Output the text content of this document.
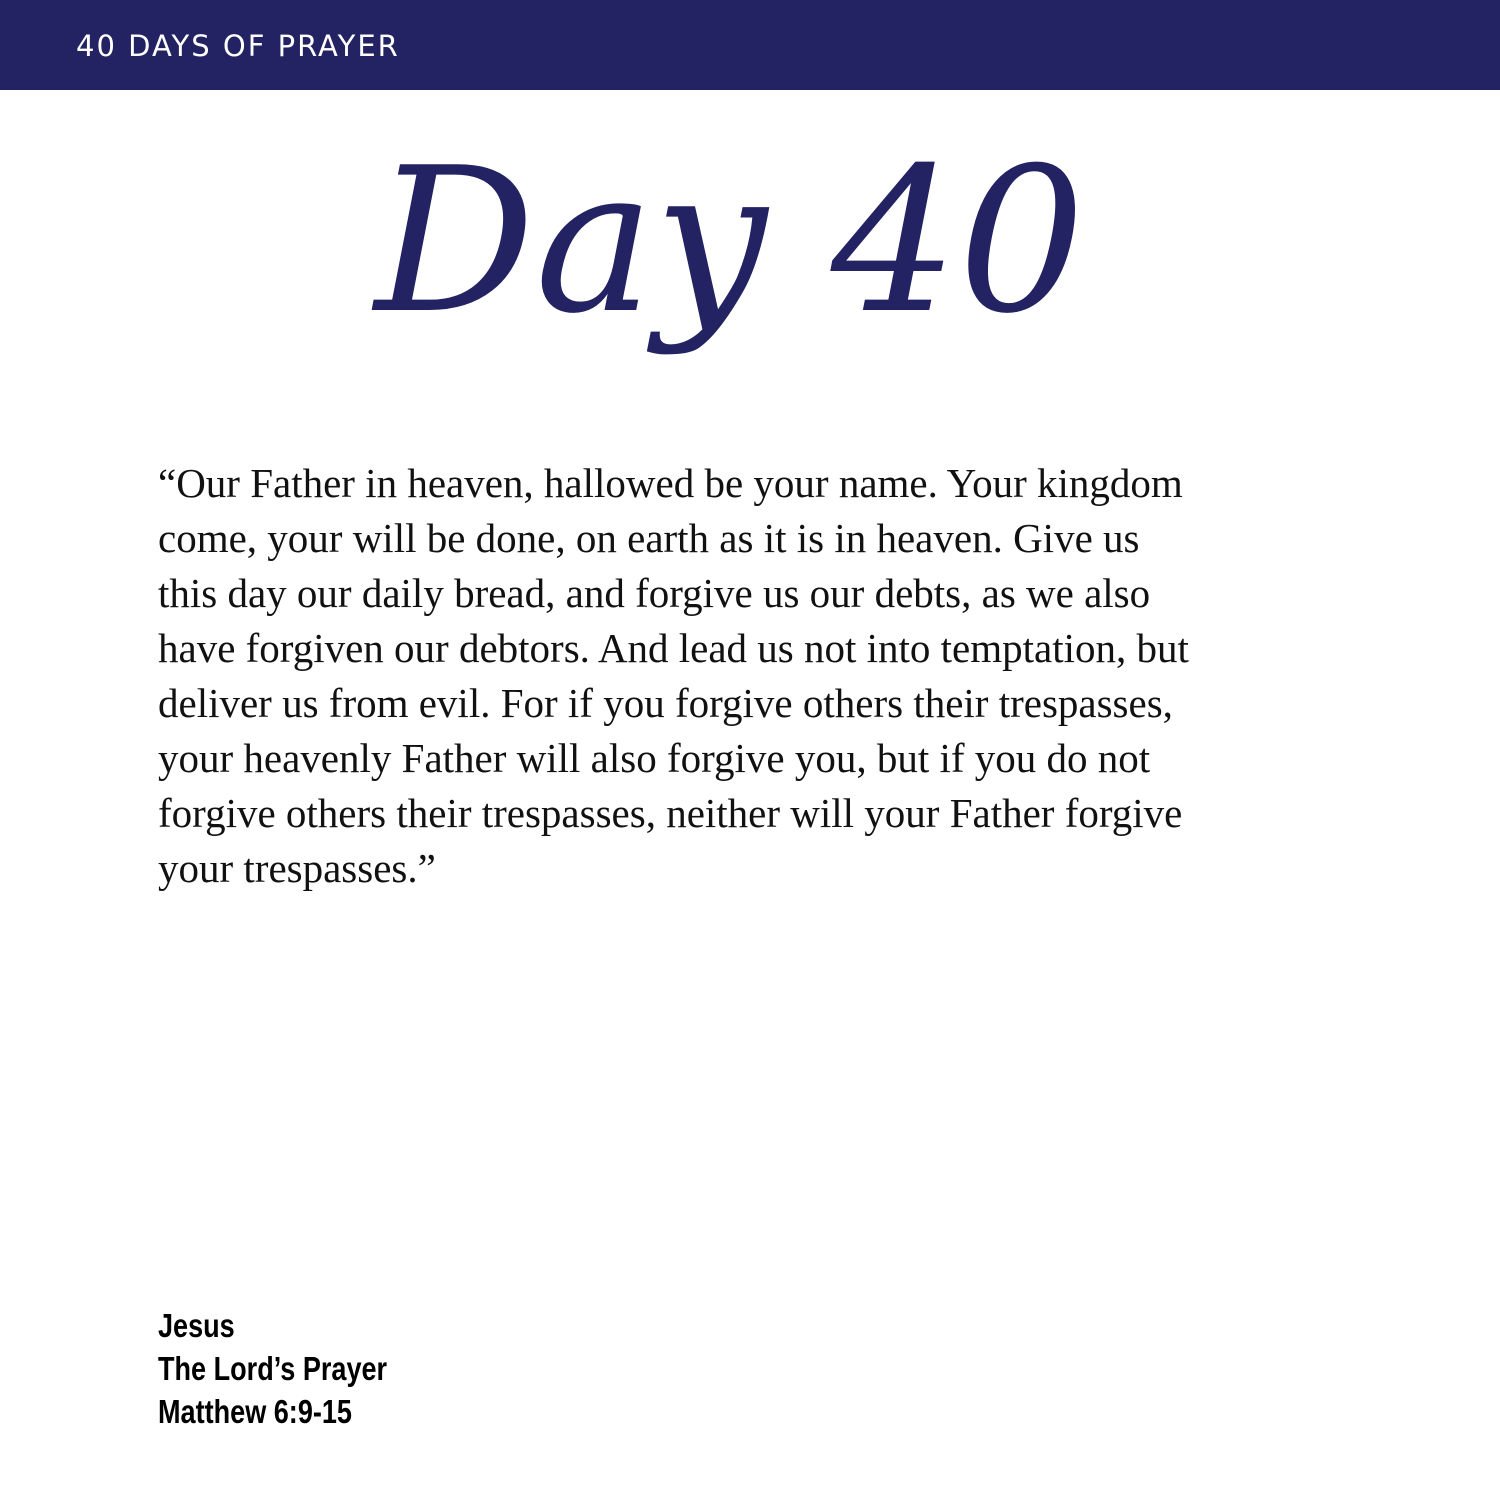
40 DAYS OF PRAYER
Day 40
“Our Father in heaven, hallowed be your name. Your kingdom
come, your will be done, on earth as it is in heaven. Give us
this day our daily bread, and forgive us our debts, as we also
have forgiven our debtors. And lead us not into temptation, but
deliver us from evil. For if you forgive others their trespasses,
your heavenly Father will also forgive you, but if you do not
forgive others their trespasses, neither will your Father forgive
your trespasses.”
Jesus
The Lord’s Prayer
Matthew 6:9-15
